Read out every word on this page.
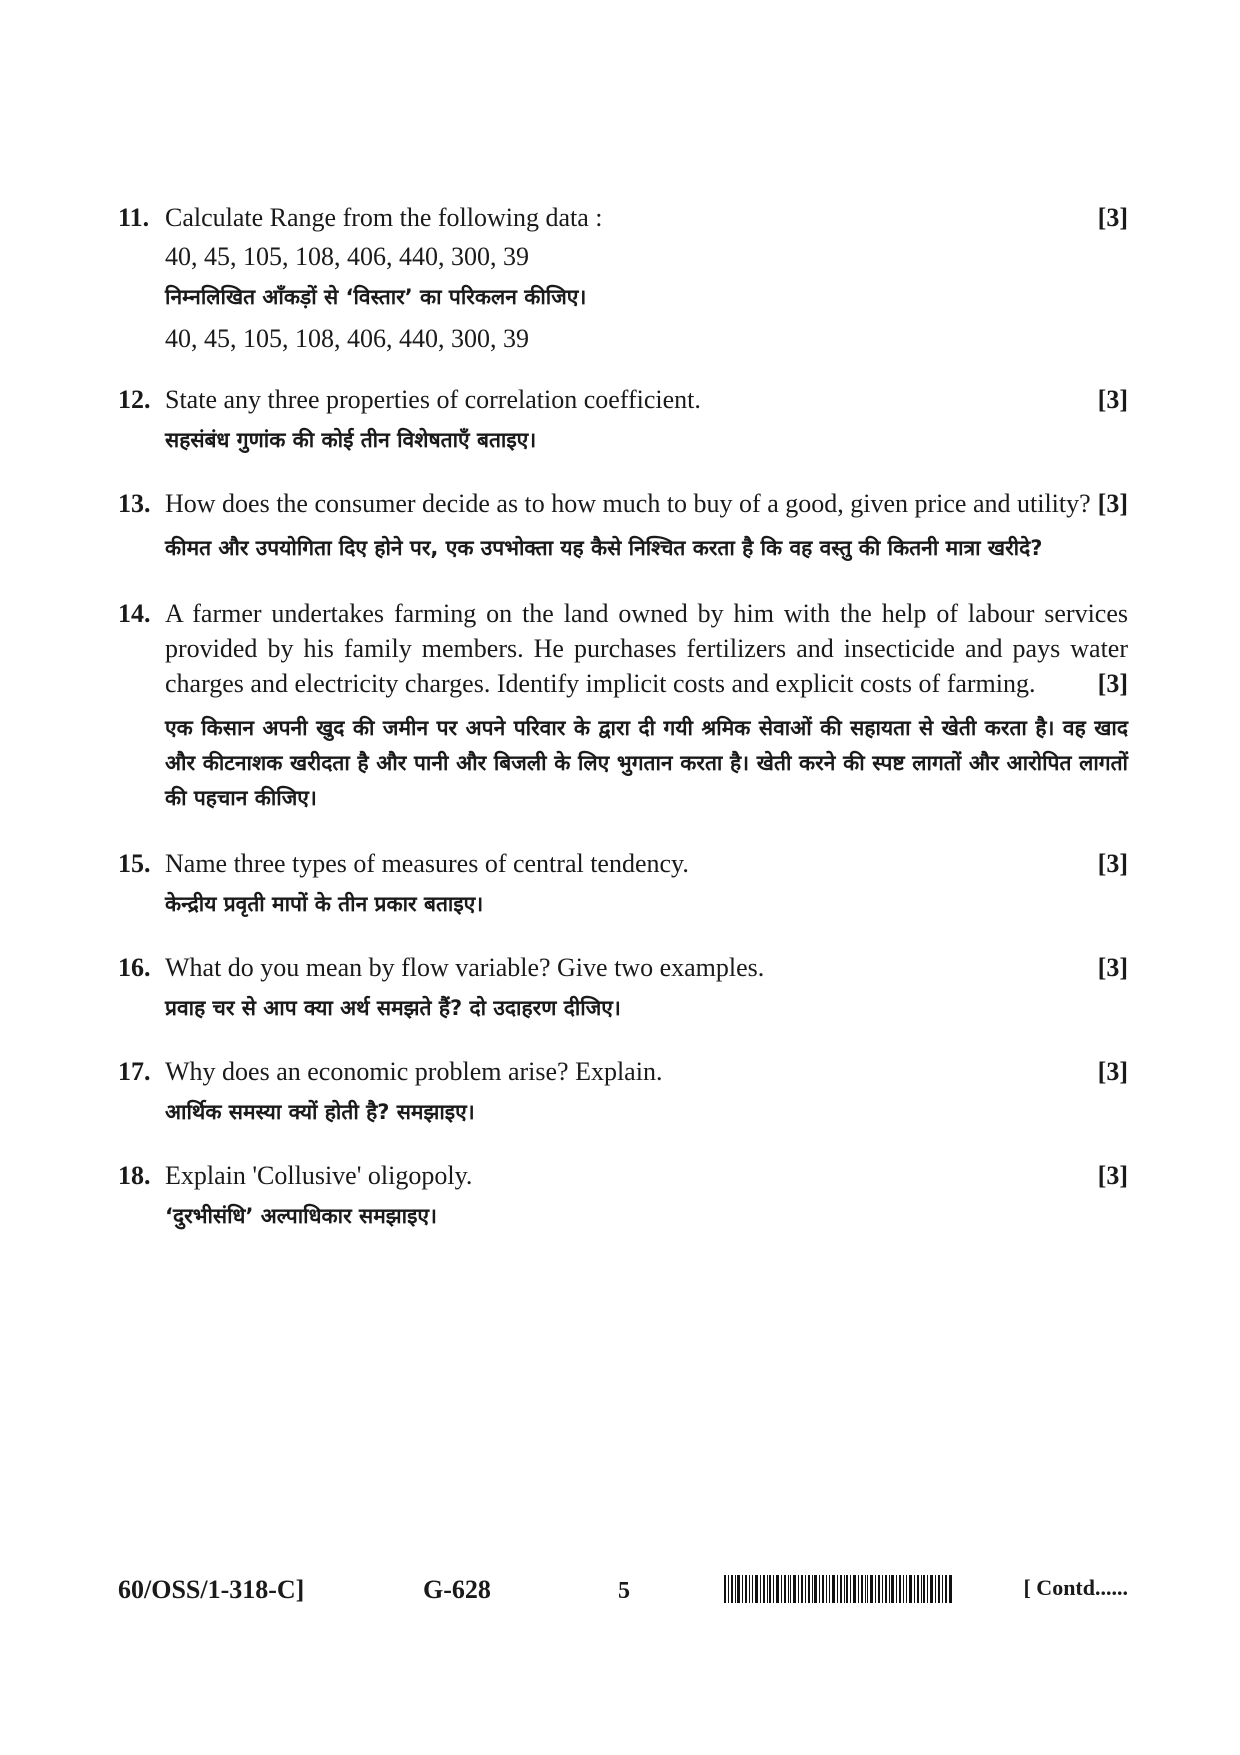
11. Calculate Range from the following data :	[3]
40, 45, 105, 108, 406, 440, 300, 39
निम्नलिखित आँकड़ों से ‘विस्तार’ का परिकलन कीजिए।
40, 45, 105, 108, 406, 440, 300, 39
12. State any three properties of correlation coefficient.	[3]
सहसंबंध गुणांक की कोई तीन विशेषताएँ बताइए।
13. How does the consumer decide as to how much to buy of a good, given price and utility? [3]
कीमत और उपयोगिता दिए होने पर, एक उपभोक्ता यह कैसे निश्चित करता है कि वह वस्तु की कितनी मात्रा खरीदे?
14. A farmer undertakes farming on the land owned by him with the help of labour services provided by his family members. He purchases fertilizers and insecticide and pays water charges and electricity charges. Identify implicit costs and explicit costs of farming. [3]
एक किसान अपनी खुद की जमीन पर अपने परिवार के द्वारा दी गयी श्रमिक सेवाओं की सहायता से खेती करता है। वह खाद और कीटनाशक खरीदता है और पानी और बिजली के लिए भुगतान करता है। खेती करने की स्पष्ट लागतों और आरोपित लागतों की पहचान कीजिए।
15. Name three types of measures of central tendency.	[3]
केन्द्रीय प्रवृती मापों के तीन प्रकार बताइए।
16. What do you mean by flow variable? Give two examples.	[3]
प्रवाह चर से आप क्या अर्थ समझते हैं? दो उदाहरण दीजिए।
17. Why does an economic problem arise? Explain.	[3]
आर्थिक समस्या क्यों होती है? समझाइए।
18. Explain 'Collusive' oligopoly.	[3]
‘दुरभीसंधि’ अल्पाधिकार समझाइए।
60/OSS/1-318-C]	G-628	5	[ Contd......
